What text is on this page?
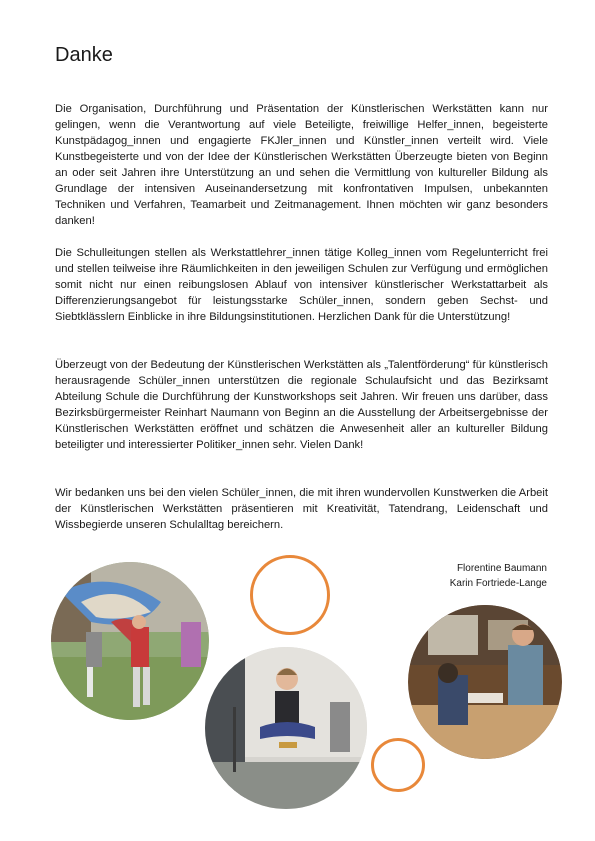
Danke

Die Organisation, Durchführung und Präsentation der Künstlerischen Werkstätten kann nur gelingen, wenn die Verantwortung auf viele Beteiligte, freiwillige Helfer_innen, begeisterte Kunstpädagog_innen und engagierte FKJler_innen und Künstler_innen verteilt wird. Viele Kunstbegeisterte und von der Idee der Künstlerischen Werkstätten Überzeugte bieten von Beginn an oder seit Jahren ihre Unterstützung an und sehen die Vermittlung von kultureller Bildung als Grundlage der intensiven Auseinandersetzung mit konfrontativen Impulsen, unbekannten Techniken und Verfahren, Teamarbeit und Zeitmanagement. Ihnen möchten wir ganz besonders danken!

Die Schulleitungen stellen als Werkstattlehrer_innen tätige Kolleg_innen vom Regelunterricht frei und stellen teilweise ihre Räumlichkeiten in den jeweiligen Schulen zur Verfügung und ermöglichen somit nicht nur einen reibungslosen Ablauf von intensiver künstlerischer Werkstattarbeit als Differenzierungsangebot für leistungsstarke Schüler_innen, sondern geben Sechst- und Siebtklässlern Einblicke in ihre Bildungsinstitutionen. Herzlichen Dank für die Unterstützung!

Überzeugt von der Bedeutung der Künstlerischen Werkstätten als „Talentförderung“ für künstlerisch herausragende Schüler_innen unterstützen die regionale Schulaufsicht und das Bezirksamt Abteilung Schule die Durchführung der Kunstworkshops seit Jahren. Wir freuen uns darüber, dass Bezirksbürgermeister Reinhart Naumann von Beginn an die Ausstellung der Arbeitsergebnisse der Künstlerischen Werkstätten eröffnet und schätzen die Anwesenheit aller an kultureller Bildung beteiligter und interessierter Politiker_innen sehr. Vielen Dank!

Wir bedanken uns bei den vielen Schüler_innen, die mit ihren wundervollen Kunstwerken die Arbeit der Künstlerischen Werkstätten präsentieren mit Kreativität, Tatendrang, Leidenschaft und Wissbegierde unseren Schulalltag bereichern.

Florentine Baumann
Karin Fortriede-Lange
